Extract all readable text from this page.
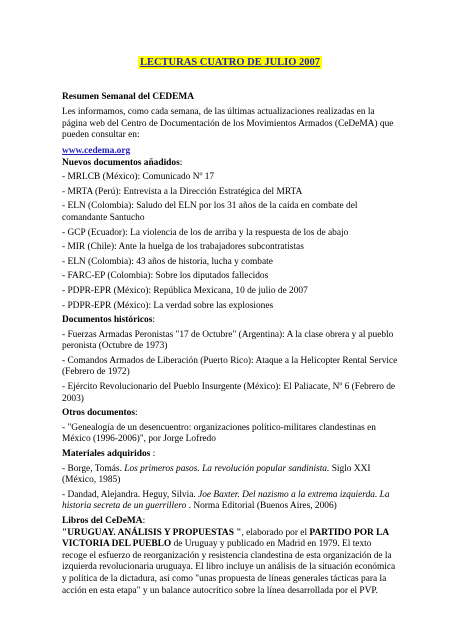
LECTURAS CUATRO DE JULIO 2007

Resumen Semanal del CEDEMA

Les informamos, como cada semana, de las últimas actualizaciones realizadas en la página web del Centro de Documentación de los Movimientos Armados (CeDeMA) que pueden consultar en:

www.cedema.org

Nuevos documentos añadidos:

- MRLCB (México): Comunicado Nº 17

- MRTA (Perú): Entrevista a la Dirección Estratégica del MRTA

- ELN (Colombia): Saludo del ELN por los 31 años de la caída en combate del comandante Santucho

- GCP (Ecuador): La violencia de los de arriba y la respuesta de los de abajo

- MIR (Chile): Ante la huelga de los trabajadores subcontratistas

- ELN (Colombia): 43 años de historia, lucha y combate

- FARC-EP (Colombia): Sobre los diputados fallecidos

- PDPR-EPR (México): República Mexicana, 10 de julio de 2007

- PDPR-EPR (México): La verdad sobre las explosiones

Documentos históricos:

- Fuerzas Armadas Peronistas "17 de Octubre" (Argentina): A la clase obrera y al pueblo peronista (Octubre de 1973)

- Comandos Armados de Liberación (Puerto Rico): Ataque a la Helicopter Rental Service (Febrero de 1972)

- Ejército Revolucionario del Pueblo Insurgente (México): El Paliacate, Nº 6 (Febrero de 2003)

Otros documentos:

- "Genealogía de un desencuentro: organizaciones político-militares clandestinas en México (1996-2006)", por Jorge Lofredo

Materiales adquiridos :

- Borge, Tomás. Los primeros pasos. La revolución popular sandinista. Siglo XXI (México, 1985)

- Dandad, Alejandra. Heguy, Silvia. Joe Baxter. Del nazismo a la extrema izquierda. La historia secreta de un guerrillero . Norma Editorial (Buenos Aires, 2006)

Libros del CeDeMA:

"URUGUAY. ANÁLISIS Y PROPUESTAS ", elaborado por el PARTIDO POR LA VICTORIA DEL PUEBLO de Uruguay y publicado en Madrid en 1979. El texto recoge el esfuerzo de reorganización y resistencia clandestina de esta organización de la izquierda revolucionaria uruguaya. El libro incluye un análisis de la situación económica y política de la dictadura, así como "unas propuesta de líneas generales tácticas para la acción en esta etapa" y un balance autocrítico sobre la línea desarrollada por el PVP.
